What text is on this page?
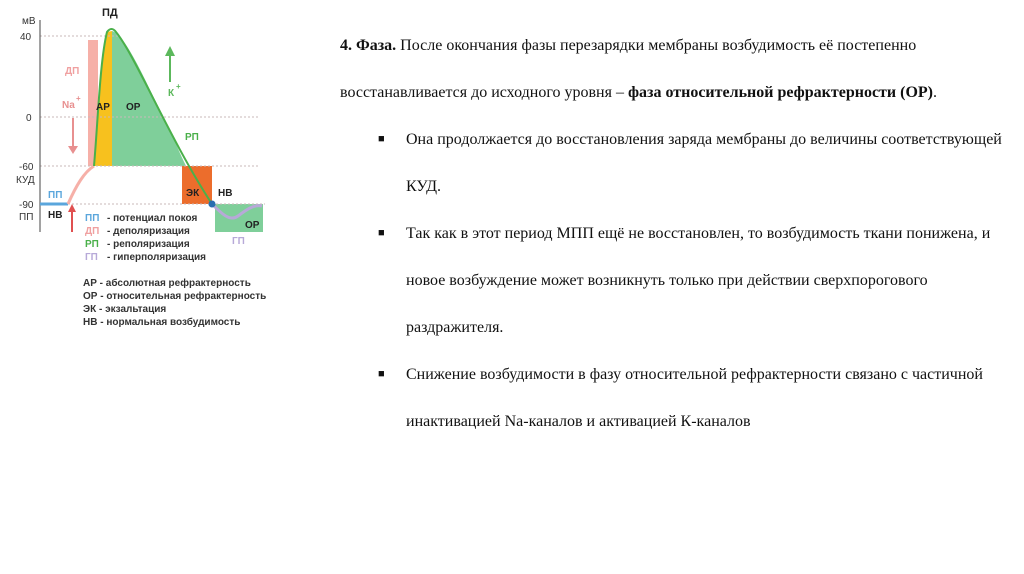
мВ
40
0
-60
КУД
-90
ПП
ПД
ПП
ДП
Na
+	К
+
РП
НВ
НВ
ГП
АР ОР
ЭК
ОР
ПП - потенциал покоя
ДП - деполяризация
РП - реполяризация
ГП - гиперполяризация
АР - абсолютная рефрактерность
ОР - относительная рефрактерность
ЭК - экзальтация
НВ - нормальная возбудимость

4. Фаза. После окончания фазы перезарядки мембраны возбудимость её постепенно восстанавливается до исходного уровня – фаза относительной рефрактерности (ОР).

■ Она продолжается до восстановления заряда мембраны до величины соответствующей КУД.
■ Так как в этот период МПП ещё не восстановлен, то возбудимость ткани понижена, и новое возбуждение может возникнуть только при действии сверхпорогового раздражителя.
■ Снижение возбудимости в фазу относительной рефрактерности связано с частичной инактивацией Na-каналов и активацией К-каналов
